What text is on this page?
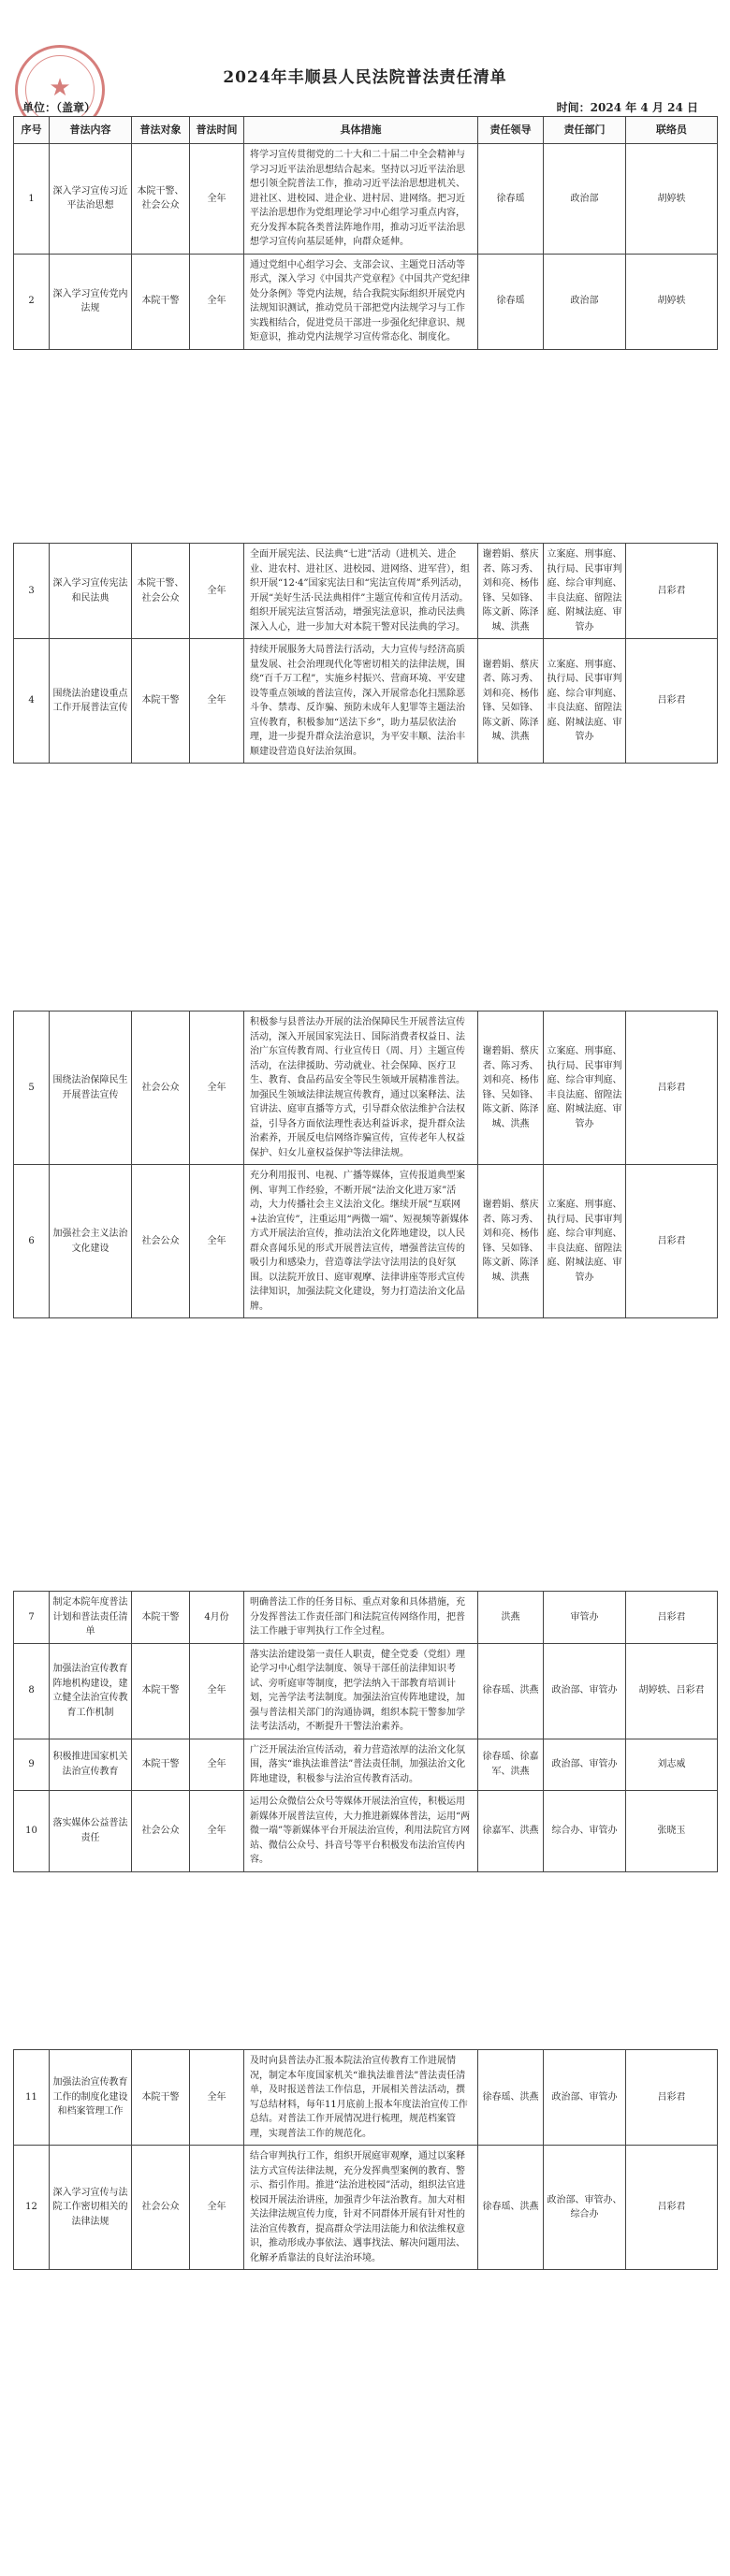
★	2024年丰顺县人民法院普法责任清单
单位：（盖章）	时间：2024 年 4 月 24 日
序号	普法内容	普法对象	普法时间	具体措施	责任领导	责任部门	联络员
1	深入学习宣传习近平法治思想	本院干警、社会公众	全年	将学习宣传贯彻党的二十大和二十届二中全会精神与学习习近平法治思想结合起来。坚持以习近平法治思想引领全院普法工作，推动习近平法治思想进机关、进社区、进校园、进企业、进村居、进网络。把习近平法治思想作为党组理论学习中心组学习重点内容，充分发挥本院各类普法阵地作用，推动习近平法治思想学习宣传向基层延伸，向群众延伸。	徐春瑶	政治部	胡婷轶
2	深入学习宣传党内法规	本院干警	全年	通过党组中心组学习会、支部会议、主题党日活动等形式，深入学习《中国共产党章程》《中国共产党纪律处分条例》等党内法规，结合我院实际组织开展党内法规知识测试，推动党员干部把党内法规学习与工作实践相结合，促进党员干部进一步强化纪律意识、规矩意识，推动党内法规学习宣传常态化、制度化。	徐春瑶	政治部	胡婷轶
3	深入学习宣传宪法和民法典	本院干警、社会公众	全年	全面开展宪法、民法典“七进”活动（进机关、进企业、进农村、进社区、进校园、进网络、进军营），组织开展“12·4”国家宪法日和“宪法宣传周”系列活动，开展“美好生活·民法典相伴”主题宣传和宣传月活动。组织开展宪法宣誓活动，增强宪法意识，推动民法典深入人心，进一步加大对本院干警对民法典的学习。	谢碧娟、蔡庆者、陈习秀、刘和亮、杨伟锋、吴如锋、陈文新、陈泽城、洪燕	立案庭、刑事庭、执行局、民事审判庭、综合审判庭、丰良法庭、留隍法庭、附城法庭、审管办	吕彩君
4	围绕法治建设重点工作开展普法宣传	本院干警	全年	持续开展服务大局普法行活动，大力宣传与经济高质量发展、社会治理现代化等密切相关的法律法规，围绕“百千万工程”，实施乡村振兴、营商环境、平安建设等重点领域的普法宣传，深入开展常态化扫黑除恶斗争、禁毒、反诈骗、预防未成年人犯罪等主题法治宣传教育，积极参加“送法下乡”，助力基层依法治理，进一步提升群众法治意识，为平安丰顺、法治丰顺建设营造良好法治氛围。	谢碧娟、蔡庆者、陈习秀、刘和亮、杨伟锋、吴如锋、陈文新、陈泽城、洪燕	立案庭、刑事庭、执行局、民事审判庭、综合审判庭、丰良法庭、留隍法庭、附城法庭、审管办	吕彩君
5	围绕法治保障民生开展普法宣传	社会公众	全年	积极参与县普法办开展的法治保障民生开展普法宣传活动，深入开展国家宪法日、国际消费者权益日、法治广东宣传教育周、行业宣传日（周、月）主题宣传活动，在法律援助、劳动就业、社会保障、医疗卫生、教育、食品药品安全等民生领域开展精准普法。加强民生领域法律法规宣传教育，通过以案释法、法官讲法、庭审直播等方式，引导群众依法维护合法权益，引导各方面依法理性表达利益诉求，提升群众法治素养，开展反电信网络诈骗宣传，宣传老年人权益保护、妇女儿童权益保护等法律法规。	谢碧娟、蔡庆者、陈习秀、刘和亮、杨伟锋、吴如锋、陈文新、陈泽城、洪燕	立案庭、刑事庭、执行局、民事审判庭、综合审判庭、丰良法庭、留隍法庭、附城法庭、审管办	吕彩君
6	加强社会主义法治文化建设	社会公众	全年	充分利用报刊、电视、广播等媒体，宣传报道典型案例、审判工作经验，不断开展“法治文化进万家”活动，大力传播社会主义法治文化。继续开展“互联网+法治宣传”，注重运用“两微一端”、短视频等新媒体方式开展法治宣传，推动法治文化阵地建设，以人民群众喜闻乐见的形式开展普法宣传，增强普法宣传的吸引力和感染力，营造尊法学法守法用法的良好氛围。以法院开放日、庭审观摩、法律讲座等形式宣传法律知识，加强法院文化建设，努力打造法治文化品牌。	谢碧娟、蔡庆者、陈习秀、刘和亮、杨伟锋、吴如锋、陈文新、陈泽城、洪燕	立案庭、刑事庭、执行局、民事审判庭、综合审判庭、丰良法庭、留隍法庭、附城法庭、审管办	吕彩君
7	制定本院年度普法计划和普法责任清单	本院干警	4月份	明确普法工作的任务目标、重点对象和具体措施，充分发挥普法工作责任部门和法院宣传网络作用，把普法工作融于审判执行工作全过程。	洪燕	审管办	吕彩君
8	加强法治宣传教育阵地机构建设，建立健全法治宣传教育工作机制	本院干警	全年	落实法治建设第一责任人职责，健全党委（党组）理论学习中心组学法制度、领导干部任前法律知识考试、旁听庭审等制度，把学法纳入干部教育培训计划，完善学法考法制度。加强法治宣传阵地建设，加强与普法相关部门的沟通协调，组织本院干警参加学法考法活动，不断提升干警法治素养。	徐春瑶、洪燕	政治部、审管办	胡婷轶、吕彩君
9	积极推进国家机关法治宣传教育	本院干警	全年	广泛开展法治宣传活动，着力营造浓厚的法治文化氛围，落实“谁执法谁普法”普法责任制，加强法治文化阵地建设，积极参与法治宣传教育活动。	徐春瑶、徐嘉军、洪燕	政治部、审管办	刘志威
10	落实媒体公益普法责任	社会公众	全年	运用公众微信公众号等媒体开展法治宣传，积极运用新媒体开展普法宣传，大力推进新媒体普法，运用“两微一端”等新媒体平台开展法治宣传，利用法院官方网站、微信公众号、抖音号等平台积极发布法治宣传内容。	徐嘉军、洪燕	综合办、审管办	张晓玉
11	加强法治宣传教育工作的制度化建设和档案管理工作	本院干警	全年	及时向县普法办汇报本院法治宣传教育工作进展情况，制定本年度国家机关“谁执法谁普法”普法责任清单，及时报送普法工作信息，开展相关普法活动，撰写总结材料，每年11月底前上报本年度法治宣传工作总结。对普法工作开展情况进行梳理，规范档案管理，实现普法工作的规范化。	徐春瑶、洪燕	政治部、审管办	吕彩君
12	深入学习宣传与法院工作密切相关的法律法规	社会公众	全年	结合审判执行工作，组织开展庭审观摩，通过以案释法方式宣传法律法规，充分发挥典型案例的教育、警示、指引作用。推进“法治进校园”活动，组织法官进校园开展法治讲座，加强青少年法治教育。加大对相关法律法规宣传力度，针对不同群体开展有针对性的法治宣传教育，提高群众学法用法能力和依法维权意识，推动形成办事依法、遇事找法、解决问题用法、化解矛盾靠法的良好法治环境。	徐春瑶、洪燕	政治部、审管办、综合办	吕彩君
